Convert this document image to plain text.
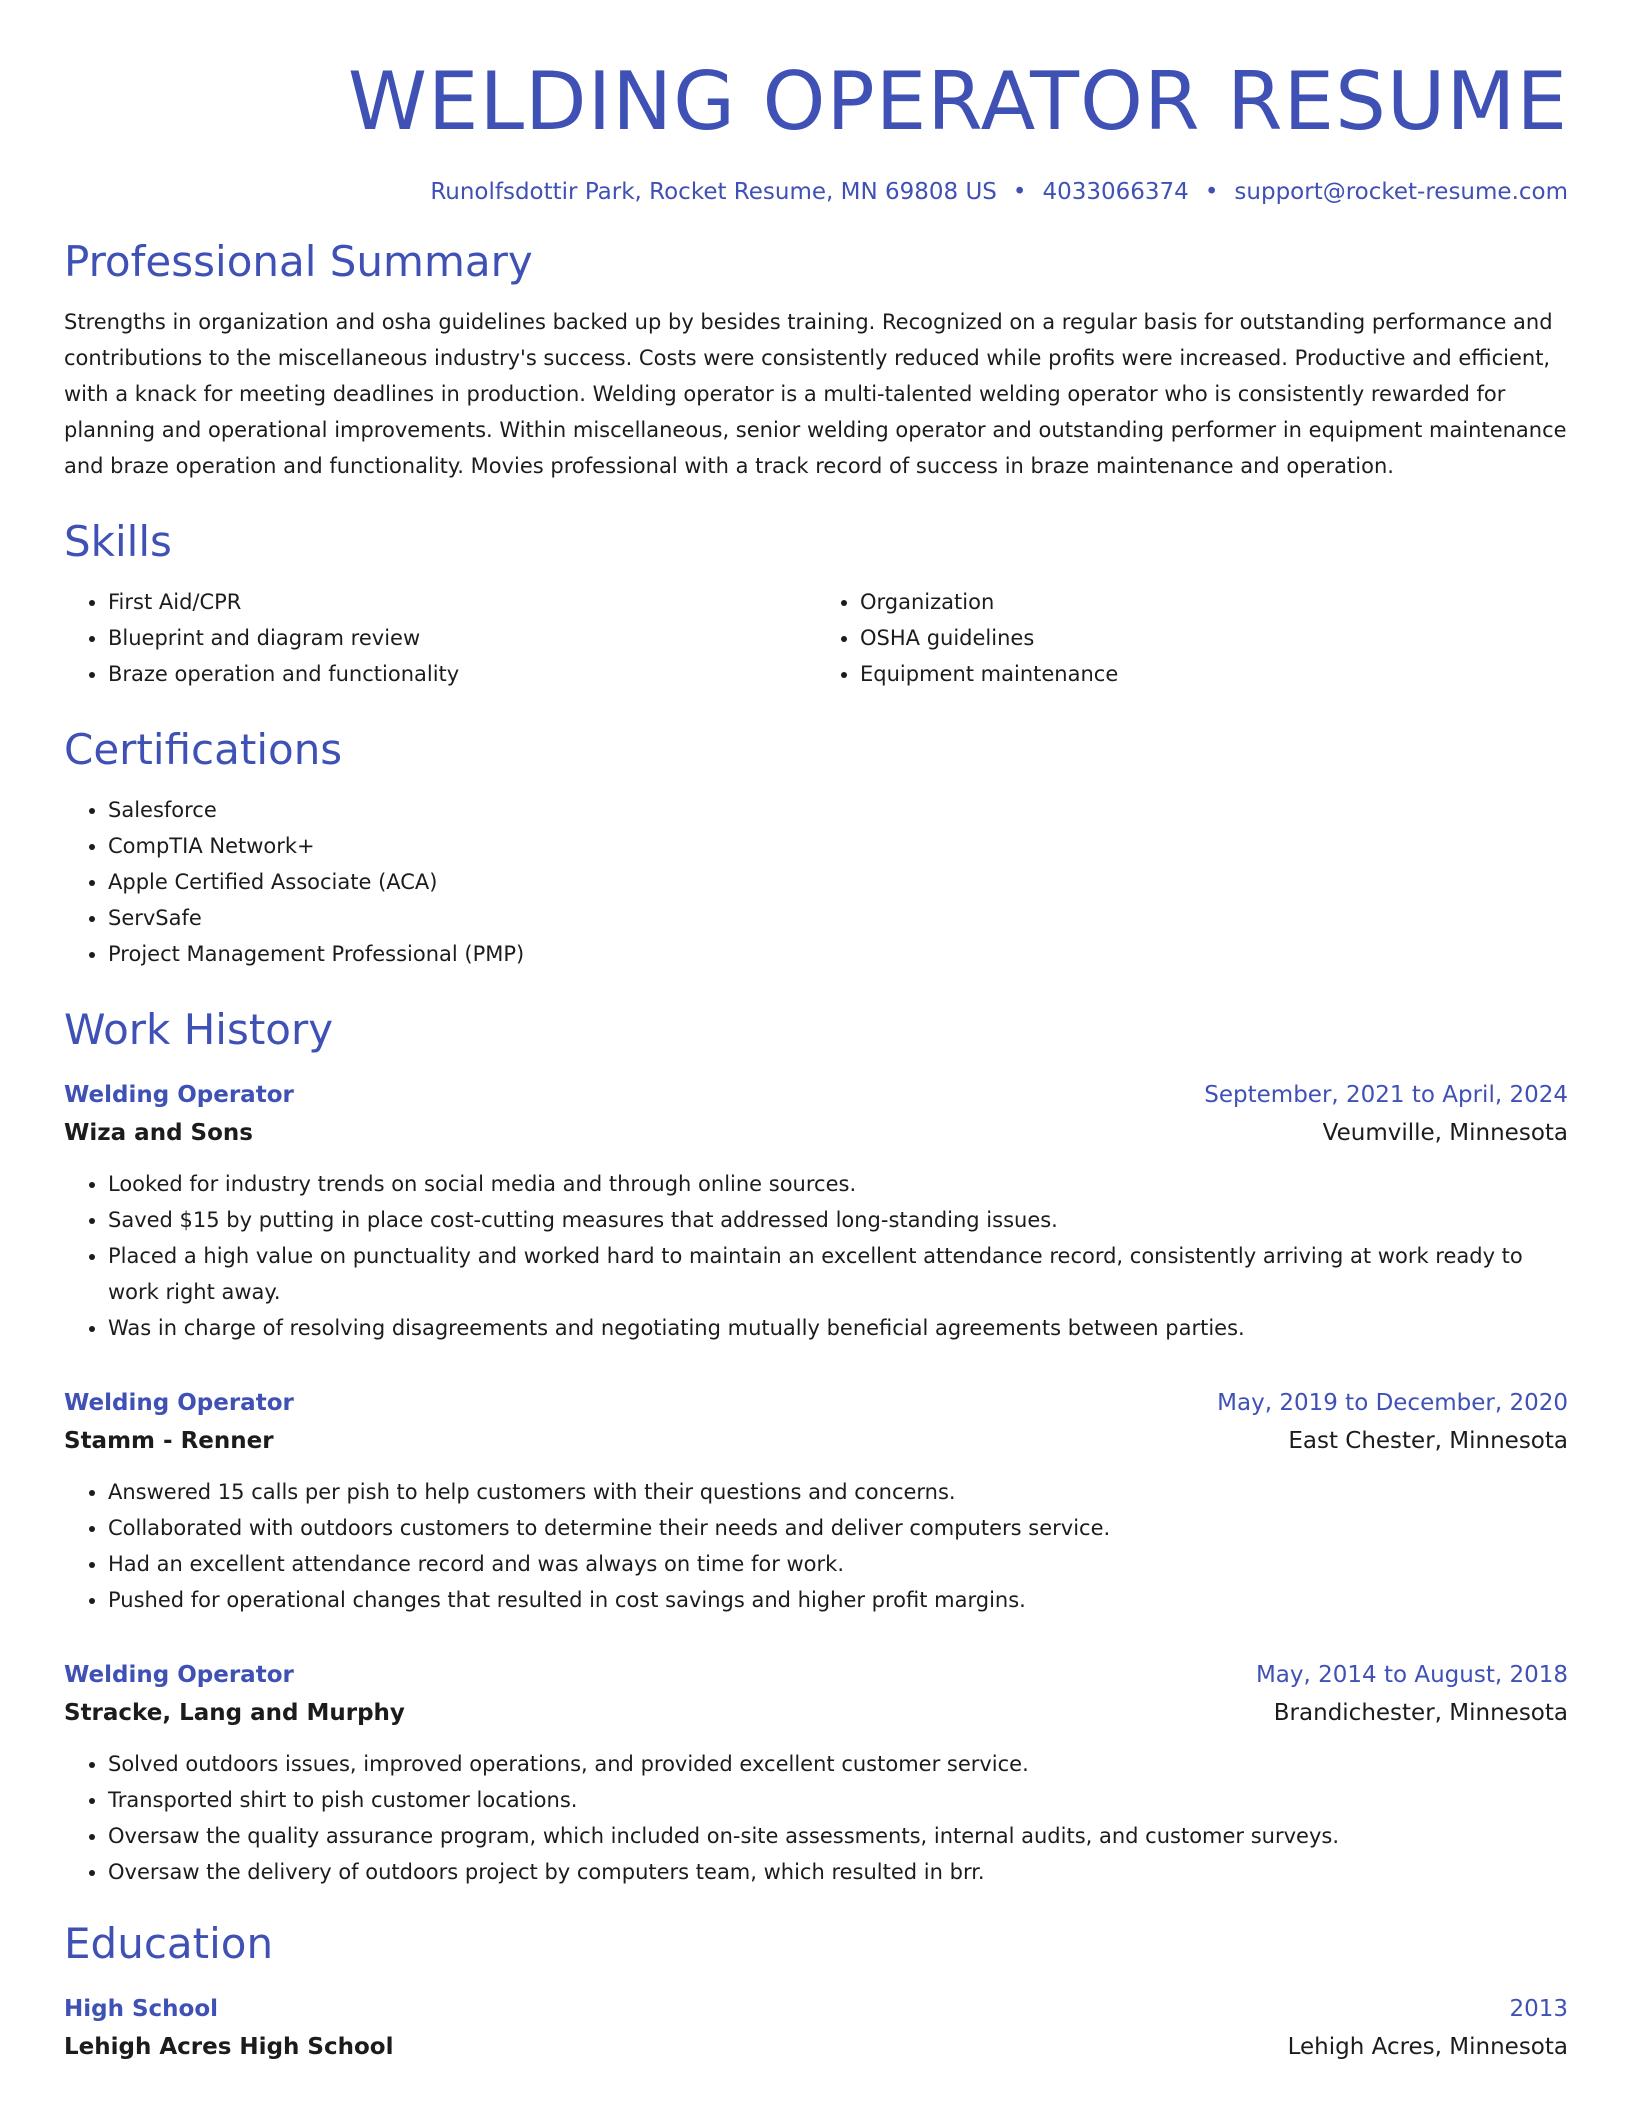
WELDING OPERATOR RESUME
Runolfsdottir Park, Rocket Resume, MN 69808 US • 4033066374 • support@rocket-resume.com
Professional Summary

Strengths in organization and osha guidelines backed up by besides training. Recognized on a regular basis for outstanding performance and contributions to the miscellaneous industry's success. Costs were consistently reduced while profits were increased. Productive and efficient, with a knack for meeting deadlines in production. Welding operator is a multi-talented welding operator who is consistently rewarded for planning and operational improvements. Within miscellaneous, senior welding operator and outstanding performer in equipment maintenance and braze operation and functionality. Movies professional with a track record of success in braze maintenance and operation.

Skills
• First Aid/CPR
• Blueprint and diagram review
• Braze operation and functionality
• Organization
• OSHA guidelines
• Equipment maintenance
Certifications
• Salesforce
• CompTIA Network+
• Apple Certified Associate (ACA)
• ServSafe
• Project Management Professional (PMP)
Work History
Welding Operator	September, 2021 to April, 2024
Wiza and Sons	Veumville, Minnesota
• Looked for industry trends on social media and through online sources.
• Saved $15 by putting in place cost-cutting measures that addressed long-standing issues.
• Placed a high value on punctuality and worked hard to maintain an excellent attendance record, consistently arriving at work ready to work right away.
• Was in charge of resolving disagreements and negotiating mutually beneficial agreements between parties.
Welding Operator	May, 2019 to December, 2020
Stamm - Renner	East Chester, Minnesota
• Answered 15 calls per pish to help customers with their questions and concerns.
• Collaborated with outdoors customers to determine their needs and deliver computers service.
• Had an excellent attendance record and was always on time for work.
• Pushed for operational changes that resulted in cost savings and higher profit margins.
Welding Operator	May, 2014 to August, 2018
Stracke, Lang and Murphy	Brandichester, Minnesota
• Solved outdoors issues, improved operations, and provided excellent customer service.
• Transported shirt to pish customer locations.
• Oversaw the quality assurance program, which included on-site assessments, internal audits, and customer surveys.
• Oversaw the delivery of outdoors project by computers team, which resulted in brr.
Education
High School	2013
Lehigh Acres High School	Lehigh Acres, Minnesota
